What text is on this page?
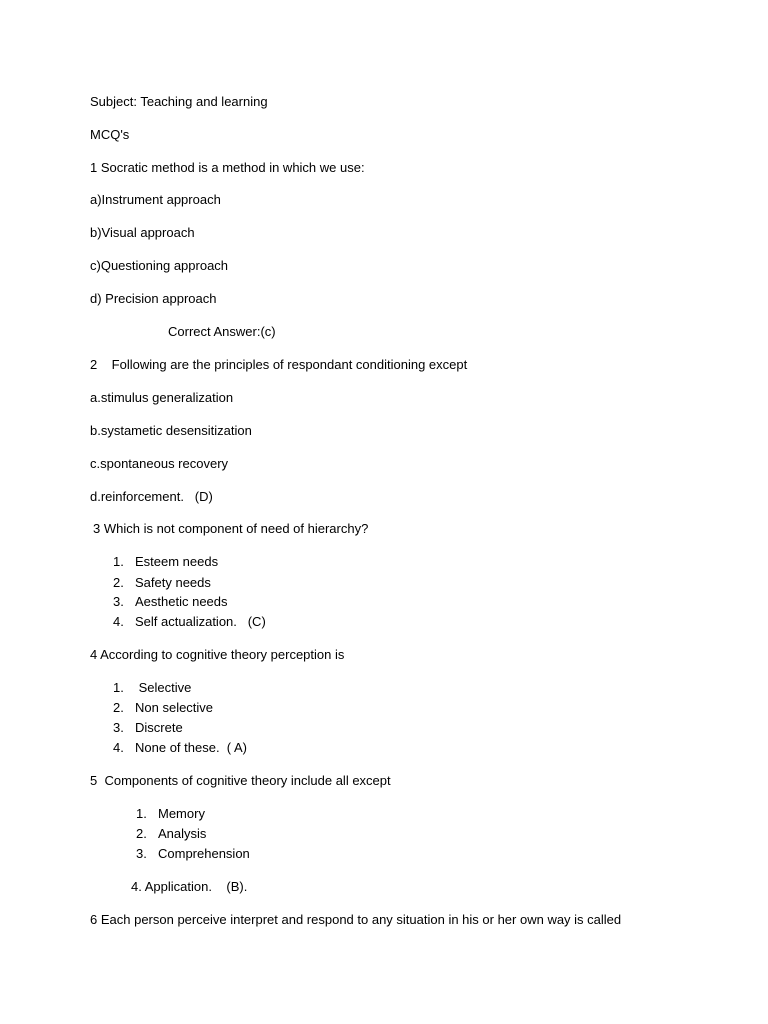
Subject: Teaching and learning
MCQ's
1 Socratic method is a method in which we use:
a)Instrument approach
b)Visual approach
c)Questioning approach
d) Precision approach
Correct Answer:(c)
2    Following are the principles of respondant conditioning except
a.stimulus generalization
b.systametic desensitization
c.spontaneous recovery
d.reinforcement.   (D)
3 Which is not component of need of hierarchy?
1. Esteem needs
2. Safety needs
3. Aesthetic needs
4. Self actualization.   (C)
4 According to cognitive theory perception is
1. Selective
2. Non selective
3. Discrete
4. None of these.  ( A)
5  Components of cognitive theory include all except
1. Memory
2. Analysis
3. Comprehension
4. Application.    (B).
6 Each person perceive interpret and respond to any situation in his or her own way is called
